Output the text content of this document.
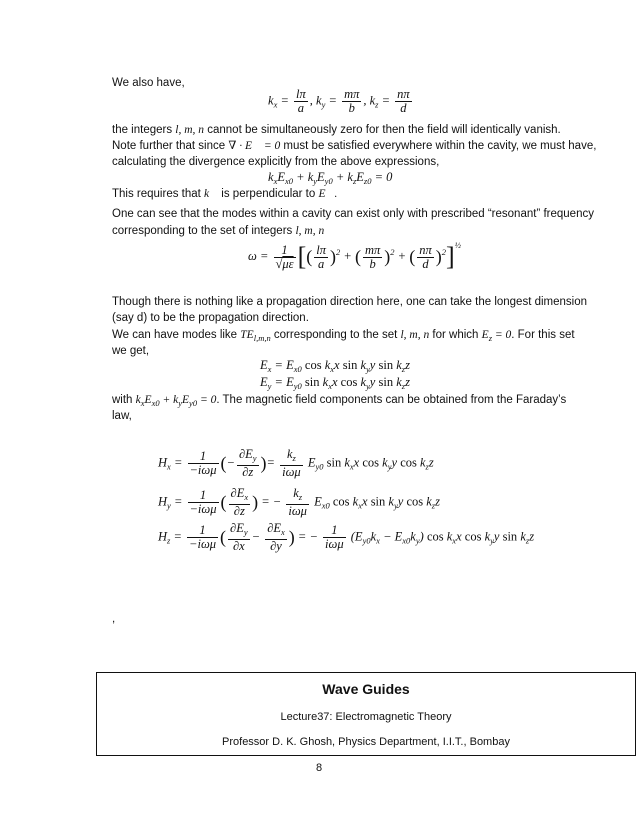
We also have,
$k_x = \frac{l\pi}{a}$ , $k_y = \frac{m\pi}{b}$ , $k_z = \frac{n\pi}{d}$
the integers l, m, n cannot be simultaneously zero for then the field will identically vanish.
Note further that since ∇ · E⃗ = 0 must be satisfied everywhere within the cavity, we must have,
calculating the divergence explicitly from the above expressions,
$k_xE_{x0} + k_yE_{y0} + k_zE_{z0} = 0$
This requires that k⃗ is perpendicular to E⃗.
One can see that the modes within a cavity can exist only with prescribed “resonant” frequency
corresponding to the set of integers l, m, n
$\omega = \frac{1}{√\mu\varepsilon}$ [( $\frac{l\pi}{a} )^2$ + ( $\frac{m\pi}{b} )^2$ + ( $\frac{n\pi}{d} )^2]^{\frac{1}{2}}$
Though there is nothing like a propagation direction here, one can take the longest dimension
(say d) to be the propagation direction.
We can have modes like $TE_{l,m,n}$ corresponding to the set l, m, n for which $E_z = 0$. For this set
we get,
$E_x = E_{x0}$ $\cos k_xx$ $\sin k_yy$ $\sin k_zz$
$E_y = E_{y0}$ $\sin k_xx$ $\cos k_yy$ $\sin k_zz$
with $k_xE_{x0} + k_yE_{y0} = 0$. The magnetic field components can be obtained from the Faraday’s
law,
$H_x = \frac{1}{\text{−iωμ}}$ (− $\frac{\partial E_y}{\partial z}$ )= $\frac{k_z}{\text{iωμ}} E_{y0}$ $\sin k_xx$ $\cos k_yy$ $\cos k_zz$
$H_y = \frac{1}{\text{−iωμ}}$ ( $\frac{\partial E_x}{\partial z}$ ) = − $\frac{k_z}{\text{iωμ}} E_{x0}$ $\cos k_xx$ $\sin k_yy$ $\cos k_zz$
$H_z = \frac{1}{\text{−iωμ}}$ ( $\frac{\partial E_y}{\partial x} - \frac{\partial E_x}{\partial y}$ ) = − $\frac{1}{\text{iωμ}} (E_{y0}k_x - E_{x0}k_y)$ $\cos k_xx$ $\cos k_yy$ $\sin k_zz$
,
Wave Guides
Lecture37: Electromagnetic Theory
Professor D. K. Ghosh, Physics Department, I.I.T., Bombay
8
